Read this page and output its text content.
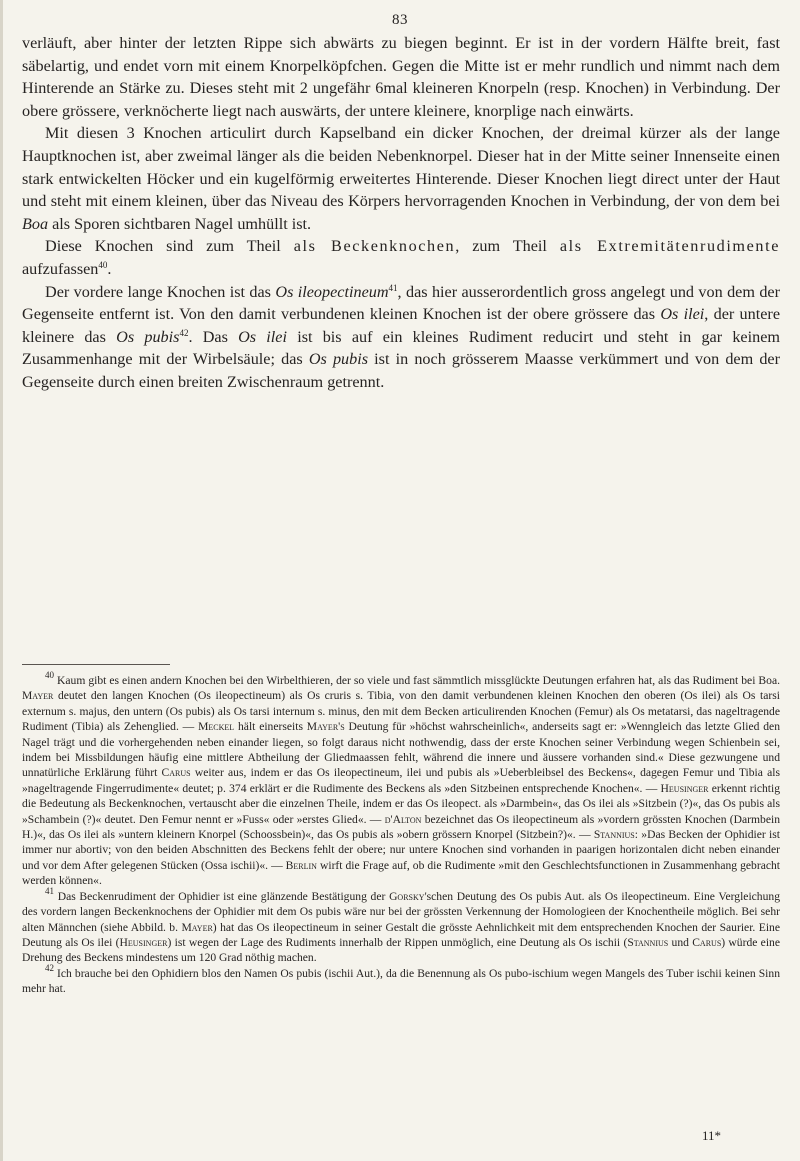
83

verläuft, aber hinter der letzten Rippe sich abwärts zu biegen beginnt. Er ist in der vordern Hälfte breit, fast säbelartig, und endet vorn mit einem Knorpelköpfchen. Gegen die Mitte ist er mehr rundlich und nimmt nach dem Hinterende an Stärke zu. Dieses steht mit 2 ungefähr 6mal kleineren Knorpeln (resp. Knochen) in Verbindung. Der obere grössere, verknöcherte liegt nach auswärts, der untere kleinere, knorplige nach einwärts.

Mit diesen 3 Knochen articulirt durch Kapselband ein dicker Knochen, der dreimal kürzer als der lange Hauptknochen ist, aber zweimal länger als die beiden Nebenknorpel. Dieser hat in der Mitte seiner Innenseite einen stark entwickelten Höcker und ein kugelförmig erweitertes Hinterende. Dieser Knochen liegt direct unter der Haut und steht mit einem kleinen, über das Niveau des Körpers hervorragenden Knochen in Verbindung, der von dem bei Boa als Sporen sichtbaren Nagel umhüllt ist.

Diese Knochen sind zum Theil als Beckenknochen, zum Theil als Extremitätenrudimente aufzufassen$^{40}$.

Der vordere lange Knochen ist das Os ileopectineum$^{41}$, das hier ausserordentlich gross angelegt und von dem der Gegenseite entfernt ist. Von den damit verbundenen kleinen Knochen ist der obere grössere das Os ilei, der untere kleinere das Os pubis$^{42}$. Das Os ilei ist bis auf ein kleines Rudiment reducirt und steht in gar keinem Zusammenhange mit der Wirbelsäule; das Os pubis ist in noch grösserem Maasse verkümmert und von dem der Gegenseite durch einen breiten Zwischenraum getrennt.

$^{40}$ Kaum gibt es einen andern Knochen bei den Wirbelthieren, der so viele und fast sämmtlich missglückte Deutungen erfahren hat, als das Rudiment bei Boa. Mayer deutet den langen Knochen (Os ileopectineum) als Os cruris s. Tibia, von den damit verbundenen kleinen Knochen den oberen (Os ilei) als Os tarsi externum s. majus, den untern (Os pubis) als Os tarsi internum s. minus, den mit dem Becken articulirenden Knochen (Femur) als Os metatarsi, das nageltragende Rudiment (Tibia) als Zehenglied. — Meckel hält einerseits Mayer's Deutung für »höchst wahrscheinlich«, anderseits sagt er: »Wenngleich das letzte Glied den Nagel trägt und die vorhergehenden neben einander liegen, so folgt daraus nicht nothwendig, dass der erste Knochen seiner Verbindung wegen Schienbein sei, indem bei Missbildungen häufig eine mittlere Abtheilung der Gliedmaassen fehlt, während die innere und äussere vorhanden sind.« Diese gezwungene und unnatürliche Erklärung führt Carus weiter aus, indem er das Os ileopectineum, ilei und pubis als »Ueberbleibsel des Beckens«, dagegen Femur und Tibia als »nageltragende Fingerrudimente« deutet; p. 374 erklärt er die Rudimente des Beckens als »den Sitzbeinen entsprechende Knochen«. — Heusinger erkennt richtig die Bedeutung als Beckenknochen, vertauscht aber die einzelnen Theile, indem er das Os ileopect. als »Darmbein«, das Os ilei als »Sitzbein (?)«, das Os pubis als »Schambein (?)« deutet. Den Femur nennt er »Fuss« oder »erstes Glied«. — d'Alton bezeichnet das Os ileopectineum als »vordern grössten Knochen (Darmbein H.)«, das Os ilei als »untern kleinern Knorpel (Schoossbein)«, das Os pubis als »obern grössern Knorpel (Sitzbein?)«. — Stannius: »Das Becken der Ophidier ist immer nur abortiv; von den beiden Abschnitten des Beckens fehlt der obere; nur untere Knochen sind vorhanden in paarigen horizontalen dicht neben einander und vor dem After gelegenen Stücken (Ossa ischii)«. — Berlin wirft die Frage auf, ob die Rudimente »mit den Geschlechtsfunctionen in Zusammenhang gebracht werden können«.

$^{41}$ Das Beckenrudiment der Ophidier ist eine glänzende Bestätigung der Gorsky'schen Deutung des Os pubis Aut. als Os ileopectineum. Eine Vergleichung des vordern langen Beckenknochens der Ophidier mit dem Os pubis wäre nur bei der grössten Verkennung der Homologieen der Knochentheile möglich. Bei sehr alten Männchen (siehe Abbild. b. Mayer) hat das Os ileopectineum in seiner Gestalt die grösste Aehnlichkeit mit dem entsprechenden Knochen der Saurier. Eine Deutung als Os ilei (Heusinger) ist wegen der Lage des Rudiments innerhalb der Rippen unmöglich, eine Deutung als Os ischii (Stannius und Carus) würde eine Drehung des Beckens mindestens um 120 Grad nöthig machen.

$^{42}$ Ich brauche bei den Ophidiern blos den Namen Os pubis (ischii Aut.), da die Benennung als Os pubo-ischium wegen Mangels des Tuber ischii keinen Sinn mehr hat.

11*
